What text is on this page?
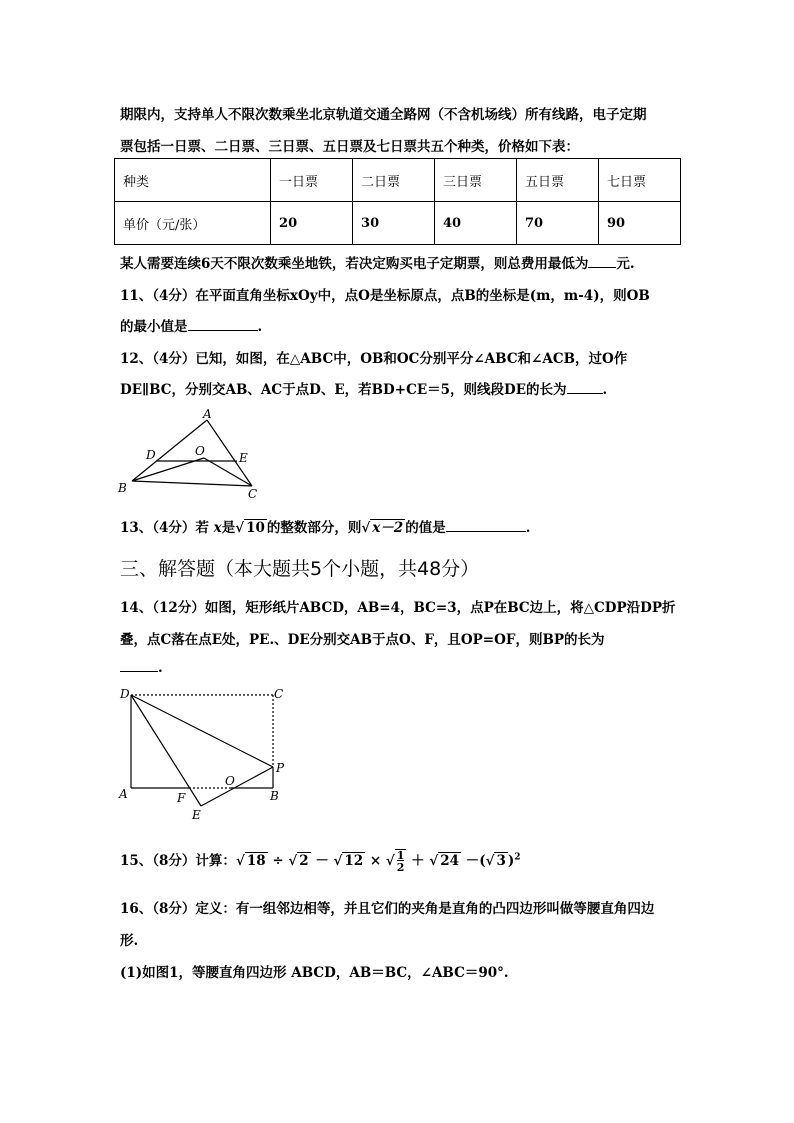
期限内，支持单人不限次数乘坐北京轨道交通全路网（不含机场线）所有线路，电子定期
票包括一日票、二日票、三日票、五日票及七日票共五个种类，价格如下表：
种类	一日票	二日票	三日票	五日票	七日票
单价（元/张）	20	30	40	70	90
某人需要连续6天不限次数乘坐地铁，若决定购买电子定期票，则总费用最低为 元.
11、（4分）在平面直角坐标xOy中，点O是坐标原点，点B的坐标是(m，m-4)，则OB
的最小值是	.
12、（4分）已知，如图，在△ABC中，OB和OC分别平分∠ABC和∠ACB，过O作
DE∥BC，分别交AB、AC于点D、E，若BD+CE＝5，则线段DE的长为	.
A
B	C
D	E
O
13、（4分）若 x是√ 10 的整数部分，则√ x－2 的值是	.
三、解答题（本大题共5个小题，共48分）
14、（12分）如图，矩形纸片ABCD，AB=4，BC=3，点P在BC边上，将△CDP沿DP折
叠，点C落在点E处，PE.、DE分别交AB于点O、F，且OP=OF，则BP的长为
.
D	C
A	B
F
O
P
E
15、（8分）计算：√ 18 ÷ √ 2 － √ $12 \times √\frac{1}{2}$ ＋ √ 24 －(√ 3 )$^2$
16、（8分）定义：有一组邻边相等，并且它们的夹角是直角的凸四边形叫做等腰直角四边
形.
(1)如图1，等腰直角四边形 ABCD，AB＝BC，∠ABC＝90°.
